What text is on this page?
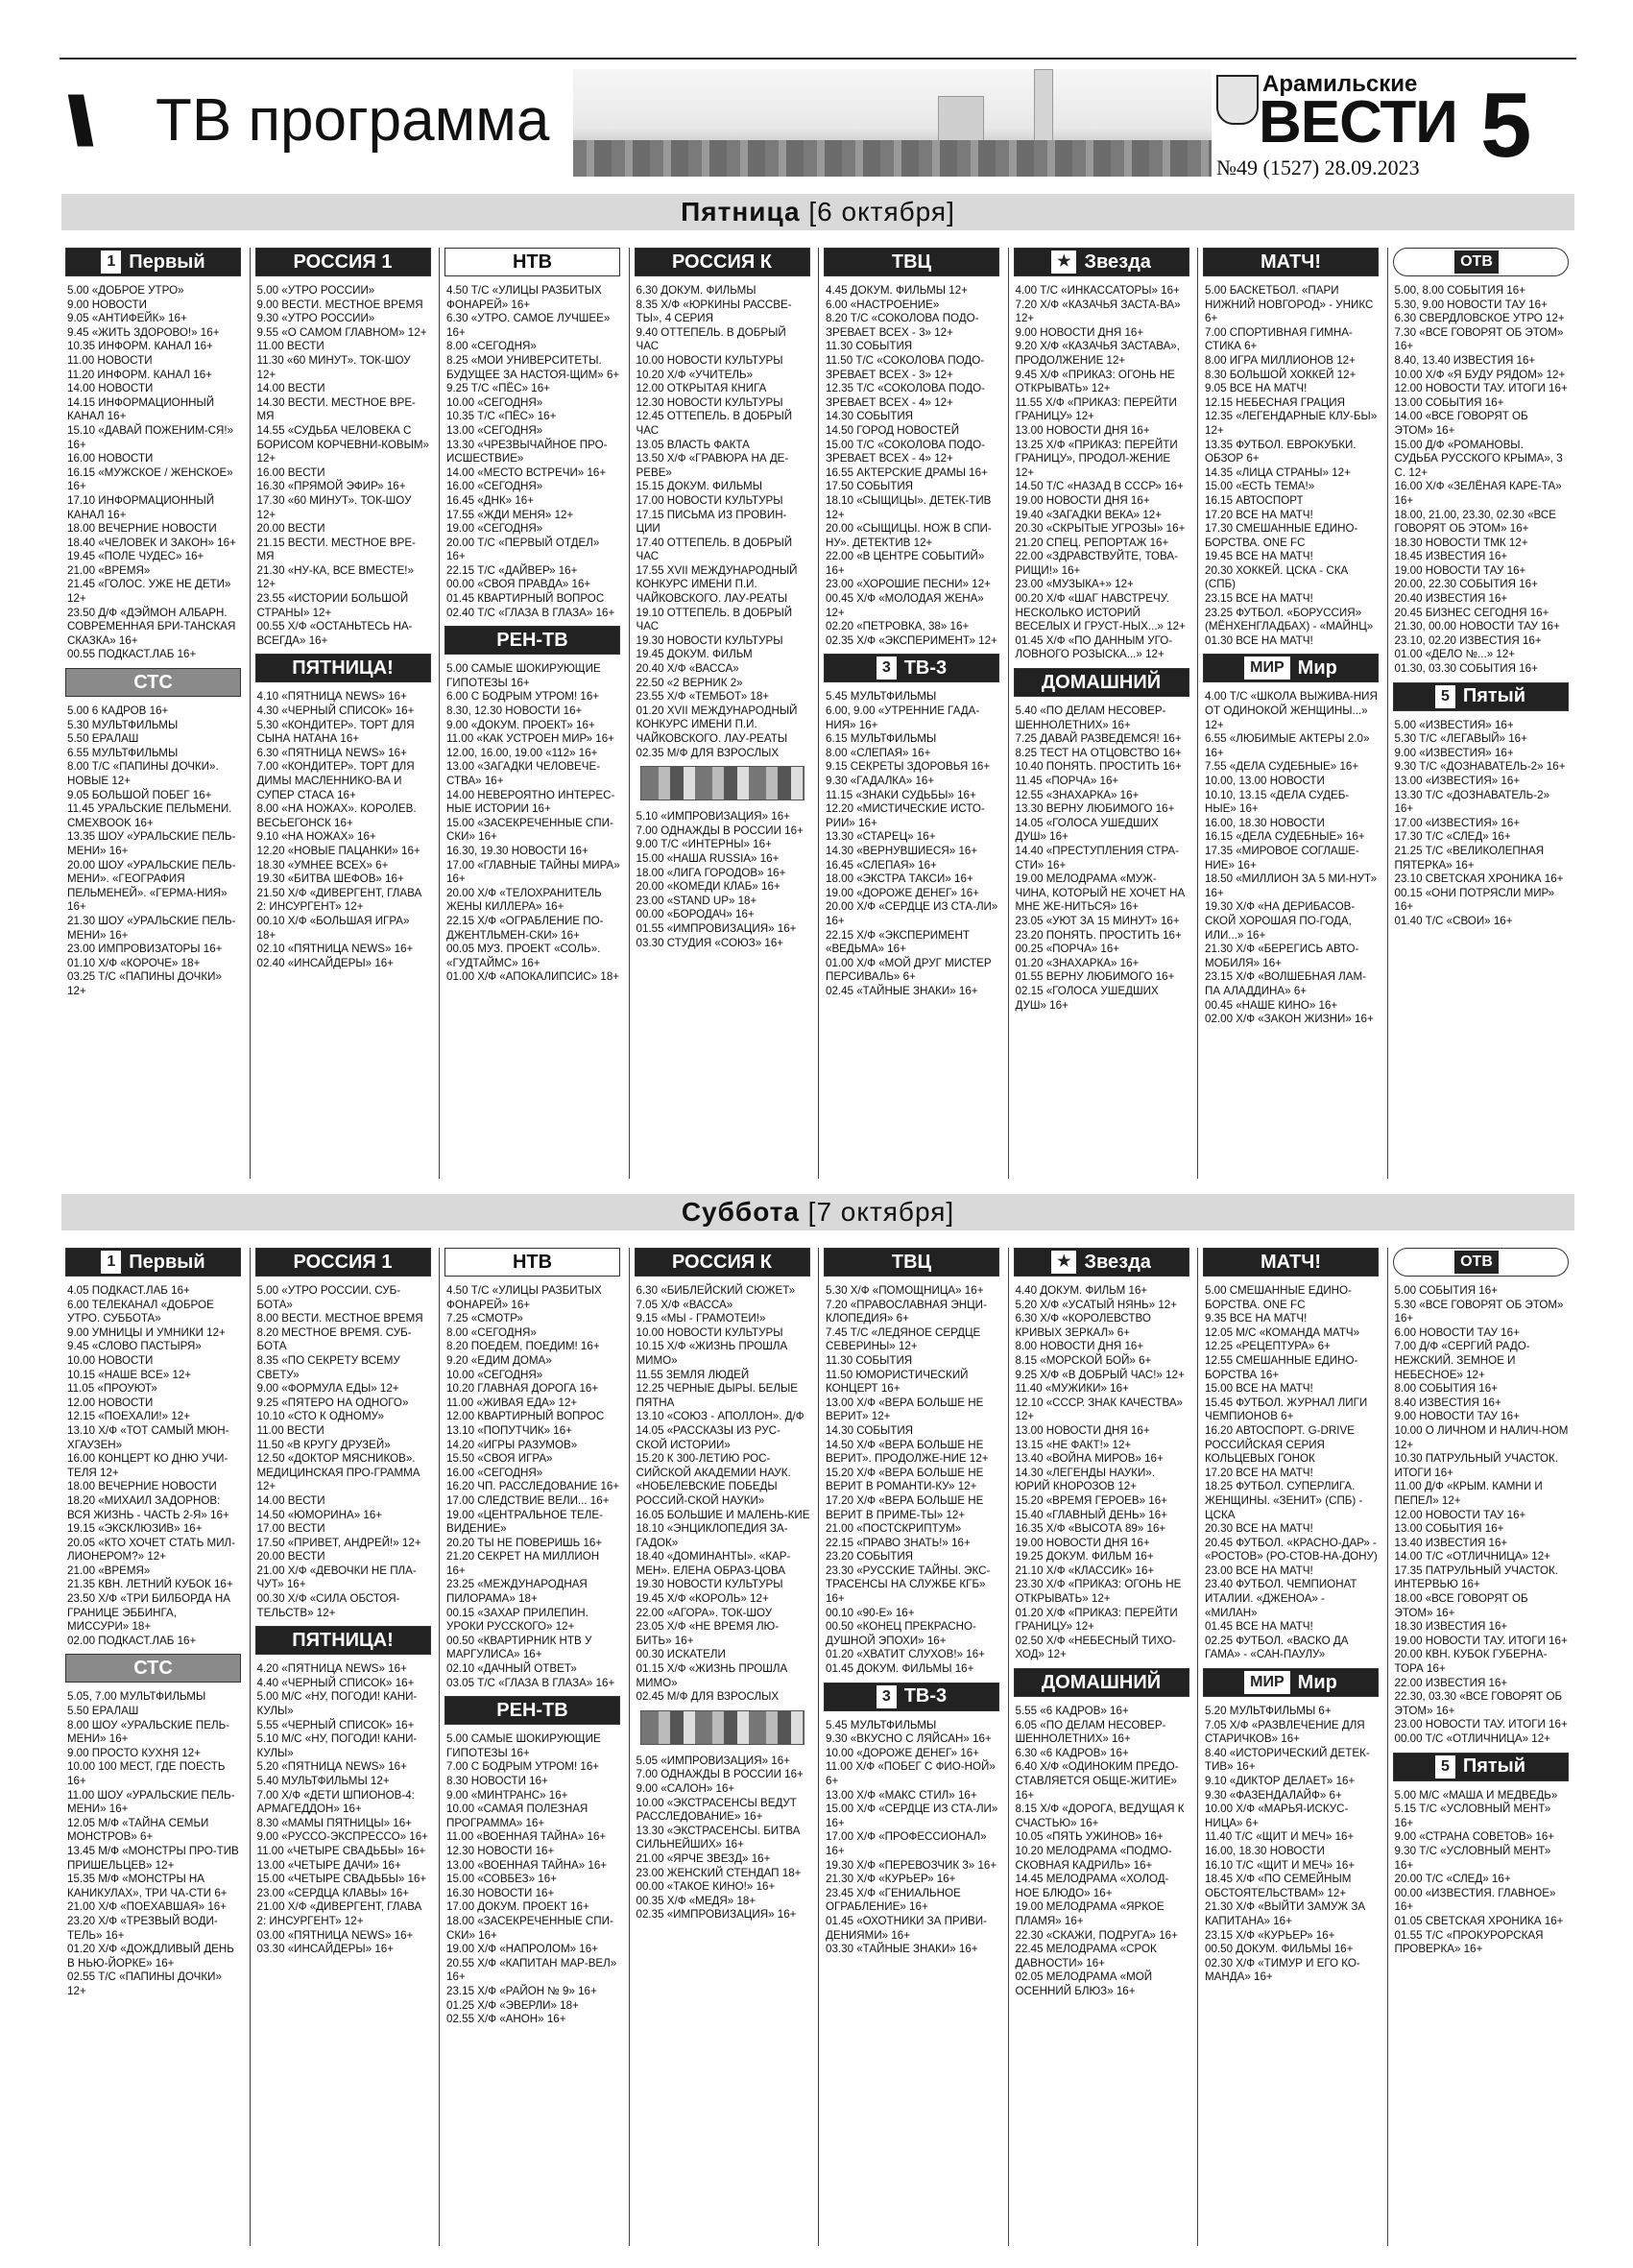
\\ ТВ программа
Арамильские
ВЕСТИ
№49 (1527) 28.09.2023 5
Пятница [6 октября]
1 Первый
5.00 «ДОБРОЕ УТРО»
9.00 НОВОСТИ
9.05 «АНТИФЕЙК» 16+
9.45 «ЖИТЬ ЗДОРОВО!» 16+
10.35 ИНФОРМ. КАНАЛ 16+
11.00 НОВОСТИ
11.20 ИНФОРМ. КАНАЛ 16+
14.00 НОВОСТИ
14.15 ИНФОРМАЦИОННЫЙ КАНАЛ 16+
15.10 «ДАВАЙ ПОЖЕНИМ-СЯ!» 16+
16.00 НОВОСТИ
16.15 «МУЖСКОЕ / ЖЕНСКОЕ» 16+
17.10 ИНФОРМАЦИОННЫЙ КАНАЛ 16+
18.00 ВЕЧЕРНИЕ НОВОСТИ
18.40 «ЧЕЛОВЕК И ЗАКОН» 16+
19.45 «ПОЛЕ ЧУДЕС» 16+
21.00 «ВРЕМЯ»
21.45 «ГОЛОС. УЖЕ НЕ ДЕТИ» 12+
23.50 Д/Ф «ДЭЙМОН АЛБАРН. СОВРЕМЕННАЯ БРИ-ТАНСКАЯ СКАЗКА» 16+
00.55 ПОДКАСТ.ЛАБ 16+
СТС
5.00 6 КАДРОВ 16+
5.30 МУЛЬТФИЛЬМЫ
5.50 ЕРАЛАШ
6.55 МУЛЬТФИЛЬМЫ
8.00 Т/С «ПАПИНЫ ДОЧКИ». НОВЫЕ 12+
9.05 БОЛЬШОЙ ПОБЕГ 16+
11.45 УРАЛЬСКИЕ ПЕЛЬМЕНИ. СМЕХBOOK 16+
13.35 ШОУ «УРАЛЬСКИЕ ПЕЛЬ-МЕНИ» 16+
20.00 ШОУ «УРАЛЬСКИЕ ПЕЛЬ-МЕНИ». «ГЕОГРАФИЯ ПЕЛЬМЕНЕЙ». «ГЕРМА-НИЯ» 16+
21.30 ШОУ «УРАЛЬСКИЕ ПЕЛЬ-МЕНИ» 16+
23.00 ИМПРОВИЗАТОРЫ 16+
01.10 Х/Ф «КОРОЧЕ» 18+
03.25 Т/С «ПАПИНЫ ДОЧКИ» 12+
РОССИЯ 1
5.00 «УТРО РОССИИ»
9.00 ВЕСТИ. МЕСТНОЕ ВРЕМЯ
9.30 «УТРО РОССИИ»
9.55 «О САМОМ ГЛАВНОМ» 12+
11.00 ВЕСТИ
11.30 «60 МИНУТ». ТОК-ШОУ 12+
14.00 ВЕСТИ
14.30 ВЕСТИ. МЕСТНОЕ ВРЕ-МЯ
14.55 «СУДЬБА ЧЕЛОВЕКА С БОРИСОМ КОРЧЕВНИ-КОВЫМ» 12+
16.00 ВЕСТИ
16.30 «ПРЯМОЙ ЭФИР» 16+
17.30 «60 МИНУТ». ТОК-ШОУ 12+
20.00 ВЕСТИ
21.15 ВЕСТИ. МЕСТНОЕ ВРЕ-МЯ
21.30 «НУ-КА, ВСЕ ВМЕСТЕ!» 12+
23.55 «ИСТОРИИ БОЛЬШОЙ СТРАНЫ» 12+
00.55 Х/Ф «ОСТАНЬТЕСЬ НА-ВСЕГДА» 16+
ПЯТНИЦА!
4.10 «ПЯТНИЦА NEWS» 16+
4.30 «ЧЕРНЫЙ СПИСОК» 16+
5.30 «КОНДИТЕР». ТОРТ ДЛЯ СЫНА НАТАНА 16+
6.30 «ПЯТНИЦА NEWS» 16+
7.00 «КОНДИТЕР». ТОРТ ДЛЯ ДИМЫ МАСЛЕННИКО-ВА И СУПЕР СТАСА 16+
8.00 «НА НОЖАХ». КОРОЛЕВ. ВЕСЬЕГОНСК 16+
9.10 «НА НОЖАХ» 16+
12.20 «НОВЫЕ ПАЦАНКИ» 16+
18.30 «УМНЕЕ ВСЕХ» 6+
19.30 «БИТВА ШЕФОВ» 16+
21.50 Х/Ф «ДИВЕРГЕНТ, ГЛАВА 2: ИНСУРГЕНТ» 12+
00.10 Х/Ф «БОЛЬШАЯ ИГРА» 18+
02.10 «ПЯТНИЦА NEWS» 16+
02.40 «ИНСАЙДЕРЫ» 16+
НТВ
4.50 Т/С «УЛИЦЫ РАЗБИТЫХ ФОНАРЕЙ» 16+
6.30 «УТРО. САМОЕ ЛУЧШЕЕ» 16+
8.00 «СЕГОДНЯ»
8.25 «МОИ УНИВЕРСИТЕТЫ. БУДУЩЕЕ ЗА НАСТОЯ-ЩИМ» 6+
9.25 Т/С «ПЁС» 16+
10.00 «СЕГОДНЯ»
10.35 Т/С «ПЁС» 16+
13.00 «СЕГОДНЯ»
13.30 «ЧРЕЗВЫЧАЙНОЕ ПРО-ИСШЕСТВИЕ»
14.00 «МЕСТО ВСТРЕЧИ» 16+
16.00 «СЕГОДНЯ»
16.45 «ДНК» 16+
17.55 «ЖДИ МЕНЯ» 12+
19.00 «СЕГОДНЯ»
20.00 Т/С «ПЕРВЫЙ ОТДЕЛ» 16+
22.15 Т/С «ДАЙВЕР» 16+
00.00 «СВОЯ ПРАВДА» 16+
01.45 КВАРТИРНЫЙ ВОПРОС
02.40 Т/С «ГЛАЗА В ГЛАЗА» 16+
РЕН-ТВ
5.00 САМЫЕ ШОКИРУЮЩИЕ ГИПОТЕЗЫ 16+
6.00 С БОДРЫМ УТРОМ! 16+
8.30, 12.30 НОВОСТИ 16+
9.00 «ДОКУМ. ПРОЕКТ» 16+
11.00 «КАК УСТРОЕН МИР» 16+
12.00, 16.00, 19.00 «112» 16+
13.00 «ЗАГАДКИ ЧЕЛОВЕЧЕ-СТВА» 16+
14.00 НЕВЕРОЯТНО ИНТЕРЕС-НЫЕ ИСТОРИИ 16+
15.00 «ЗАСЕКРЕЧЕННЫЕ СПИ-СКИ» 16+
16.30, 19.30 НОВОСТИ 16+
17.00 «ГЛАВНЫЕ ТАЙНЫ МИРА» 16+
20.00 Х/Ф «ТЕЛОХРАНИТЕЛЬ ЖЕНЫ КИЛЛЕРА» 16+
22.15 Х/Ф «ОГРАБЛЕНИЕ ПО-ДЖЕНТЛЬМЕН-СКИ» 16+
00.05 МУЗ. ПРОЕКТ «СОЛЬ». «ГУДТАЙМС» 16+
01.00 Х/Ф «АПОКАЛИПСИС» 18+
РОССИЯ К
6.30 ДОКУМ. ФИЛЬМЫ
8.35 Х/Ф «ЮРКИНЫ РАССВЕ-ТЫ», 4 СЕРИЯ
9.40 ОТТЕПЕЛЬ. В ДОБРЫЙ ЧАС
10.00 НОВОСТИ КУЛЬТУРЫ
10.20 Х/Ф «УЧИТЕЛЬ»
12.00 ОТКРЫТАЯ КНИГА
12.30 НОВОСТИ КУЛЬТУРЫ
12.45 ОТТЕПЕЛЬ. В ДОБРЫЙ ЧАС
13.05 ВЛАСТЬ ФАКТА
13.50 Х/Ф «ГРАВЮРА НА ДЕ-РЕВЕ»
15.15 ДОКУМ. ФИЛЬМЫ
17.00 НОВОСТИ КУЛЬТУРЫ
17.15 ПИСЬМА ИЗ ПРОВИН-ЦИИ
17.40 ОТТЕПЕЛЬ. В ДОБРЫЙ ЧАС
17.55 XVII МЕЖДУНАРОДНЫЙ КОНКУРС ИМЕНИ П.И. ЧАЙКОВСКОГО. ЛАУ-РЕАТЫ
19.10 ОТТЕПЕЛЬ. В ДОБРЫЙ ЧАС
19.30 НОВОСТИ КУЛЬТУРЫ
19.45 ДОКУМ. ФИЛЬМ
20.40 Х/Ф «ВАССА»
22.50 «2 ВЕРНИК 2»
23.55 Х/Ф «ТЕМБОТ» 18+
01.20 XVII МЕЖДУНАРОДНЫЙ КОНКУРС ИМЕНИ П.И. ЧАЙКОВСКОГО. ЛАУ-РЕАТЫ
02.35 М/Ф ДЛЯ ВЗРОСЛЫХ
5.10 «ИМПРОВИЗАЦИЯ» 16+
7.00 ОДНАЖДЫ В РОССИИ 16+
9.00 Т/С «ИНТЕРНЫ» 16+
15.00 «НАША RUSSIA» 16+
18.00 «ЛИГА ГОРОДОВ» 16+
20.00 «КОМЕДИ КЛАБ» 16+
23.00 «STAND UP» 18+
00.00 «БОРОДАЧ» 16+
01.55 «ИМПРОВИЗАЦИЯ» 16+
03.30 СТУДИЯ «СОЮЗ» 16+
ТВЦ
4.45 ДОКУМ. ФИЛЬМЫ 12+
6.00 «НАСТРОЕНИЕ»
8.20 Т/С «СОКОЛОВА ПОДО-ЗРЕВАЕТ ВСЕХ - 3» 12+
11.30 СОБЫТИЯ
11.50 Т/С «СОКОЛОВА ПОДО-ЗРЕВАЕТ ВСЕХ - 3» 12+
12.35 Т/С «СОКОЛОВА ПОДО-ЗРЕВАЕТ ВСЕХ - 4» 12+
14.30 СОБЫТИЯ
14.50 ГОРОД НОВОСТЕЙ
15.00 Т/С «СОКОЛОВА ПОДО-ЗРЕВАЕТ ВСЕХ - 4» 12+
16.55 АКТЕРСКИЕ ДРАМЫ 16+
17.50 СОБЫТИЯ
18.10 «СЫЩИЦЫ». ДЕТЕК-ТИВ 12+
20.00 «СЫЩИЦЫ. НОЖ В СПИ-НУ». ДЕТЕКТИВ 12+
22.00 «В ЦЕНТРЕ СОБЫТИЙ» 16+
23.00 «ХОРОШИЕ ПЕСНИ» 12+
00.45 Х/Ф «МОЛОДАЯ ЖЕНА» 12+
02.20 «ПЕТРОВКА, 38» 16+
02.35 Х/Ф «ЭКСПЕРИМЕНТ» 12+
3 ТВ-3
5.45 МУЛЬТФИЛЬМЫ
6.00, 9.00 «УТРЕННИЕ ГАДА-НИЯ» 16+
6.15 МУЛЬТФИЛЬМЫ
8.00 «СЛЕПАЯ» 16+
9.15 СЕКРЕТЫ ЗДОРОВЬЯ 16+
9.30 «ГАДАЛКА» 16+
11.15 «ЗНАКИ СУДЬБЫ» 16+
12.20 «МИСТИЧЕСКИЕ ИСТО-РИИ» 16+
13.30 «СТАРЕЦ» 16+
14.30 «ВЕРНУВШИЕСЯ» 16+
16.45 «СЛЕПАЯ» 16+
18.00 «ЭКСТРА ТАКСИ» 16+
19.00 «ДОРОЖЕ ДЕНЕГ» 16+
20.00 Х/Ф «СЕРДЦЕ ИЗ СТА-ЛИ» 16+
22.15 Х/Ф «ЭКСПЕРИМЕНТ «ВЕДЬМА» 16+
01.00 Х/Ф «МОЙ ДРУГ МИСТЕР ПЕРСИВАЛЬ» 6+
02.45 «ТАЙНЫЕ ЗНАКИ» 16+
★ Звезда
4.00 Т/С «ИНКАССАТОРЫ» 16+
7.20 Х/Ф «КАЗАЧЬЯ ЗАСТА-ВА» 12+
9.00 НОВОСТИ ДНЯ 16+
9.20 Х/Ф «КАЗАЧЬЯ ЗАСТАВА», ПРОДОЛЖЕНИЕ 12+
9.45 Х/Ф «ПРИКАЗ: ОГОНЬ НЕ ОТКРЫВАТЬ» 12+
11.55 Х/Ф «ПРИКАЗ: ПЕРЕЙТИ ГРАНИЦУ» 12+
13.00 НОВОСТИ ДНЯ 16+
13.25 Х/Ф «ПРИКАЗ: ПЕРЕЙТИ ГРАНИЦУ», ПРОДОЛ-ЖЕНИЕ 12+
14.50 Т/С «НАЗАД В СССР» 16+
19.00 НОВОСТИ ДНЯ 16+
19.40 «ЗАГАДКИ ВЕКА» 12+
20.30 «СКРЫТЫЕ УГРОЗЫ» 16+
21.20 СПЕЦ. РЕПОРТАЖ 16+
22.00 «ЗДРАВСТВУЙТЕ, ТОВА-РИЩИ!» 16+
23.00 «МУЗЫКА+» 12+
00.20 Х/Ф «ШАГ НАВСТРЕЧУ. НЕСКОЛЬКО ИСТОРИЙ ВЕСЕЛЫХ И ГРУСТ-НЫХ...» 12+
01.45 Х/Ф «ПО ДАННЫМ УГО-ЛОВНОГО РОЗЫСКА...» 12+
ДОМАШНИЙ
5.40 «ПО ДЕЛАМ НЕСОВЕР-ШЕННОЛЕТНИХ» 16+
7.25 ДАВАЙ РАЗВЕДЕМСЯ! 16+
8.25 ТЕСТ НА ОТЦОВСТВО 16+
10.40 ПОНЯТЬ. ПРОСТИТЬ 16+
11.45 «ПОРЧА» 16+
12.55 «ЗНАХАРКА» 16+
13.30 ВЕРНУ ЛЮБИМОГО 16+
14.05 «ГОЛОСА УШЕДШИХ ДУШ» 16+
14.40 «ПРЕСТУПЛЕНИЯ СТРА-СТИ» 16+
19.00 МЕЛОДРАМА «МУЖ-ЧИНА, КОТОРЫЙ НЕ ХОЧЕТ НА МНЕ ЖЕ-НИТЬСЯ» 16+
23.05 «УЮТ ЗА 15 МИНУТ» 16+
23.20 ПОНЯТЬ. ПРОСТИТЬ 16+
00.25 «ПОРЧА» 16+
01.20 «ЗНАХАРКА» 16+
01.55 ВЕРНУ ЛЮБИМОГО 16+
02.15 «ГОЛОСА УШЕДШИХ ДУШ» 16+
МАТЧ!
5.00 БАСКЕТБОЛ. «ПАРИ НИЖНИЙ НОВГОРОД» - УНИКС 6+
7.00 СПОРТИВНАЯ ГИМНА-СТИКА 6+
8.00 ИГРА МИЛЛИОНОВ 12+
8.30 БОЛЬШОЙ ХОККЕЙ 12+
9.05 ВСЕ НА МАТЧ!
12.15 НЕБЕСНАЯ ГРАЦИЯ
12.35 «ЛЕГЕНДАРНЫЕ КЛУ-БЫ» 12+
13.35 ФУТБОЛ. ЕВРОКУБКИ. ОБЗОР 6+
14.35 «ЛИЦА СТРАНЫ» 12+
15.00 «ЕСТЬ ТЕМА!»
16.15 АВТОСПОРТ
17.20 ВСЕ НА МАТЧ!
17.30 СМЕШАННЫЕ ЕДИНО-БОРСТВА. ONE FC
19.45 ВСЕ НА МАТЧ!
20.30 ХОККЕЙ. ЦСКА - СКА (СПБ)
23.15 ВСЕ НА МАТЧ!
23.25 ФУТБОЛ. «БОРУССИЯ» (МЁНХЕНГЛАДБАХ) - «МАЙНЦ»
01.30 ВСЕ НА МАТЧ!
МИР Мир
4.00 Т/С «ШКОЛА ВЫЖИВА-НИЯ ОТ ОДИНОКОЙ ЖЕНЩИНЫ...» 12+
6.55 «ЛЮБИМЫЕ АКТЕРЫ 2.0» 16+
7.55 «ДЕЛА СУДЕБНЫЕ» 16+
10.00, 13.00 НОВОСТИ
10.10, 13.15 «ДЕЛА СУДЕБ-НЫЕ» 16+
16.00, 18.30 НОВОСТИ
16.15 «ДЕЛА СУДЕБНЫЕ» 16+
17.35 «МИРОВОЕ СОГЛАШЕ-НИЕ» 16+
18.50 «МИЛЛИОН ЗА 5 МИ-НУТ» 16+
19.30 Х/Ф «НА ДЕРИБАСОВ-СКОЙ ХОРОШАЯ ПО-ГОДА, ИЛИ...» 16+
21.30 Х/Ф «БЕРЕГИСЬ АВТО-МОБИЛЯ» 16+
23.15 Х/Ф «ВОЛШЕБНАЯ ЛАМ-ПА АЛАДДИНА» 6+
00.45 «НАШЕ КИНО» 16+
02.00 Х/Ф «ЗАКОН ЖИЗНИ» 16+
ОТВ
5.00, 8.00 СОБЫТИЯ 16+
5.30, 9.00 НОВОСТИ ТАУ 16+
6.30 СВЕРДЛОВСКОЕ УТРО 12+
7.30 «ВСЕ ГОВОРЯТ ОБ ЭТОМ» 16+
8.40, 13.40 ИЗВЕСТИЯ 16+
10.00 Х/Ф «Я БУДУ РЯДОМ» 12+
12.00 НОВОСТИ ТАУ. ИТОГИ 16+
13.00 СОБЫТИЯ 16+
14.00 «ВСЕ ГОВОРЯТ ОБ ЭТОМ» 16+
15.00 Д/Ф «РОМАНОВЫ. СУДЬБА РУССКОГО КРЫМА», 3 С. 12+
16.00 Х/Ф «ЗЕЛЁНАЯ КАРЕ-ТА» 16+
18.00, 21.00, 23.30, 02.30 «ВСЕ ГОВОРЯТ ОБ ЭТОМ» 16+
18.30 НОВОСТИ ТМК 12+
18.45 ИЗВЕСТИЯ 16+
19.00 НОВОСТИ ТАУ 16+
20.00, 22.30 СОБЫТИЯ 16+
20.40 ИЗВЕСТИЯ 16+
20.45 БИЗНЕС СЕГОДНЯ 16+
21.30, 00.00 НОВОСТИ ТАУ 16+
23.10, 02.20 ИЗВЕСТИЯ 16+
01.00 «ДЕЛО №...» 12+
01.30, 03.30 СОБЫТИЯ 16+
5 Пятый
5.00 «ИЗВЕСТИЯ» 16+
5.30 Т/С «ЛЕГАВЫЙ» 16+
9.00 «ИЗВЕСТИЯ» 16+
9.30 Т/С «ДОЗНАВАТЕЛЬ-2» 16+
13.00 «ИЗВЕСТИЯ» 16+
13.30 Т/С «ДОЗНАВАТЕЛЬ-2» 16+
17.00 «ИЗВЕСТИЯ» 16+
17.30 Т/С «СЛЕД» 16+
21.25 Т/С «ВЕЛИКОЛЕПНАЯ ПЯТЕРКА» 16+
23.10 СВЕТСКАЯ ХРОНИКА 16+
00.15 «ОНИ ПОТРЯСЛИ МИР» 16+
01.40 Т/С «СВОИ» 16+
Суббота [7 октября]
1 Первый
4.05 ПОДКАСТ.ЛАБ 16+
6.00 ТЕЛЕКАНАЛ «ДОБРОЕ УТРО. СУББОТА»
9.00 УМНИЦЫ И УМНИКИ 12+
9.45 «СЛОВО ПАСТЫРЯ»
10.00 НОВОСТИ
10.15 «НАШЕ ВСЕ» 12+
11.05 «ПРОУЮТ»
12.00 НОВОСТИ
12.15 «ПОЕХАЛИ!» 12+
13.10 Х/Ф «ТОТ САМЫЙ МЮН-ХГАУЗЕН»
16.00 КОНЦЕРТ КО ДНЮ УЧИ-ТЕЛЯ 12+
18.00 ВЕЧЕРНИЕ НОВОСТИ
18.20 «МИХАИЛ ЗАДОРНОВ: ВСЯ ЖИЗНЬ - ЧАСТЬ 2-Я» 16+
19.15 «ЭКСКЛЮЗИВ» 16+
20.05 «КТО ХОЧЕТ СТАТЬ МИЛ-ЛИОНЕРОМ?» 12+
21.00 «ВРЕМЯ»
21.35 КВН. ЛЕТНИЙ КУБОК 16+
23.50 Х/Ф «ТРИ БИЛБОРДА НА ГРАНИЦЕ ЭББИНГА, МИССУРИ» 18+
02.00 ПОДКАСТ.ЛАБ 16+
СТС
5.05, 7.00 МУЛЬТФИЛЬМЫ
5.50 ЕРАЛАШ
8.00 ШОУ «УРАЛЬСКИЕ ПЕЛЬ-МЕНИ» 16+
9.00 ПРОСТО КУХНЯ 12+
10.00 100 МЕСТ, ГДЕ ПОЕСТЬ 16+
11.00 ШОУ «УРАЛЬСКИЕ ПЕЛЬ-МЕНИ» 16+
12.05 М/Ф «ТАЙНА СЕМЬИ МОНСТРОВ» 6+
13.45 М/Ф «МОНСТРЫ ПРО-ТИВ ПРИШЕЛЬЦЕВ» 12+
15.35 М/Ф «МОНСТРЫ НА КАНИКУЛАХ», ТРИ ЧА-СТИ 6+
21.00 Х/Ф «ПОЕХАВШАЯ» 16+
23.20 Х/Ф «ТРЕЗВЫЙ ВОДИ-ТЕЛЬ» 16+
01.20 Х/Ф «ДОЖДЛИВЫЙ ДЕНЬ В НЬЮ-ЙОРКЕ» 16+
02.55 Т/С «ПАПИНЫ ДОЧКИ» 12+
РОССИЯ 1
5.00 «УТРО РОССИИ. СУБ-БОТА»
8.00 ВЕСТИ. МЕСТНОЕ ВРЕМЯ
8.20 МЕСТНОЕ ВРЕМЯ. СУБ-БОТА
8.35 «ПО СЕКРЕТУ ВСЕМУ СВЕТУ»
9.00 «ФОРМУЛА ЕДЫ» 12+
9.25 «ПЯТЕРО НА ОДНОГО»
10.10 «СТО К ОДНОМУ»
11.00 ВЕСТИ
11.50 «В КРУГУ ДРУЗЕЙ»
12.50 «ДОКТОР МЯСНИКОВ». МЕДИЦИНСКАЯ ПРО-ГРАММА 12+
14.00 ВЕСТИ
14.50 «ЮМОРИНА» 16+
17.00 ВЕСТИ
17.50 «ПРИВЕТ, АНДРЕЙ!» 12+
20.00 ВЕСТИ
21.00 Х/Ф «ДЕВОЧКИ НЕ ПЛА-ЧУТ» 16+
00.30 Х/Ф «СИЛА ОБСТОЯ-ТЕЛЬСТВ» 12+
ПЯТНИЦА!
4.20 «ПЯТНИЦА NEWS» 16+
4.40 «ЧЕРНЫЙ СПИСОК» 16+
5.00 М/С «НУ, ПОГОДИ! КАНИ-КУЛЫ»
5.55 «ЧЕРНЫЙ СПИСОК» 16+
5.10 М/С «НУ, ПОГОДИ! КАНИ-КУЛЫ»
5.20 «ПЯТНИЦА NEWS» 16+
5.40 МУЛЬТФИЛЬМЫ 12+
7.00 Х/Ф «ДЕТИ ШПИОНОВ-4: АРМАГЕДДОН» 16+
8.30 «МАМЫ ПЯТНИЦЫ» 16+
9.00 «РУССО-ЭКСПРЕССО» 16+
11.00 «ЧЕТЫРЕ СВАДЬБЫ» 16+
13.00 «ЧЕТЫРЕ ДАЧИ» 16+
15.00 «ЧЕТЫРЕ СВАДЬБЫ» 16+
23.00 «СЕРДЦА КЛАВЫ» 16+
21.00 Х/Ф «ДИВЕРГЕНТ, ГЛАВА 2: ИНСУРГЕНТ» 12+
03.00 «ПЯТНИЦА NEWS» 16+
03.30 «ИНСАЙДЕРЫ» 16+
НТВ
4.50 Т/С «УЛИЦЫ РАЗБИТЫХ ФОНАРЕЙ» 16+
7.25 «СМОТР»
8.00 «СЕГОДНЯ»
8.20 ПОЕДЕМ, ПОЕДИМ! 16+
9.20 «ЕДИМ ДОМА»
10.00 «СЕГОДНЯ»
10.20 ГЛАВНАЯ ДОРОГА 16+
11.00 «ЖИВАЯ ЕДА» 12+
12.00 КВАРТИРНЫЙ ВОПРОС
13.10 «ПОПУТЧИК» 16+
14.20 «ИГРЫ РАЗУМОВ»
15.50 «СВОЯ ИГРА»
16.00 «СЕГОДНЯ»
16.20 ЧП. РАССЛЕДОВАНИЕ 16+
17.00 СЛЕДСТВИЕ ВЕЛИ... 16+
19.00 «ЦЕНТРАЛЬНОЕ ТЕЛЕ-ВИДЕНИЕ»
20.20 ТЫ НЕ ПОВЕРИШЬ 16+
21.20 СЕКРЕТ НА МИЛЛИОН 16+
23.25 «МЕЖДУНАРОДНАЯ ПИЛОРАМА» 18+
00.15 «ЗАХАР ПРИЛЕПИН. УРОКИ РУССКОГО» 12+
00.50 «КВАРТИРНИК НТВ У МАРГУЛИСА» 16+
02.10 «ДАЧНЫЙ ОТВЕТ»
03.05 Т/С «ГЛАЗА В ГЛАЗА» 16+
РЕН-ТВ
5.00 САМЫЕ ШОКИРУЮЩИЕ ГИПОТЕЗЫ 16+
7.00 С БОДРЫМ УТРОМ! 16+
8.30 НОВОСТИ 16+
9.00 «МИНТРАНС» 16+
10.00 «САМАЯ ПОЛЕЗНАЯ ПРОГРАММА» 16+
11.00 «ВОЕННАЯ ТАЙНА» 16+
12.30 НОВОСТИ 16+
13.00 «ВОЕННАЯ ТАЙНА» 16+
15.00 «СОВБЕЗ» 16+
16.30 НОВОСТИ 16+
17.00 ДОКУМ. ПРОЕКТ 16+
18.00 «ЗАСЕКРЕЧЕННЫЕ СПИ-СКИ» 16+
19.00 Х/Ф «НАПРОЛОМ» 16+
20.55 Х/Ф «КАПИТАН МАР-ВЕЛ» 16+
23.15 Х/Ф «РАЙОН № 9» 16+
01.25 Х/Ф «ЭВЕРЛИ» 18+
02.55 Х/Ф «АНОН» 16+
РОССИЯ К
6.30 «БИБЛЕЙСКИЙ СЮЖЕТ»
7.05 Х/Ф «ВАССА»
9.15 «МЫ - ГРАМОТЕИ!»
10.00 НОВОСТИ КУЛЬТУРЫ
10.15 Х/Ф «ЖИЗНЬ ПРОШЛА МИМО»
11.55 ЗЕМЛЯ ЛЮДЕЙ
12.25 ЧЕРНЫЕ ДЫРЫ. БЕЛЫЕ ПЯТНА
13.10 «СОЮЗ - АПОЛЛОН». Д/Ф
14.05 «РАССКАЗЫ ИЗ РУС-СКОЙ ИСТОРИИ»
15.20 К 300-ЛЕТИЮ РОС-СИЙСКОЙ АКАДЕМИИ НАУК. «НОБЕЛЕВСКИЕ ПОБЕДЫ РОССИЙ-СКОЙ НАУКИ»
16.05 БОЛЬШИЕ И МАЛЕНЬ-КИЕ
18.10 «ЭНЦИКЛОПЕДИЯ ЗА-ГАДОК»
18.40 «ДОМИНАНТЫ». «КАР-МЕН». ЕЛЕНА ОБРАЗ-ЦОВА
19.30 НОВОСТИ КУЛЬТУРЫ
19.45 Х/Ф «КОРОЛЬ» 12+
22.00 «АГОРА». ТОК-ШОУ
23.05 Х/Ф «НЕ ВРЕМЯ ЛЮ-БИТЬ» 16+
00.30 ИСКАТЕЛИ
01.15 Х/Ф «ЖИЗНЬ ПРОШЛА МИМО»
02.45 М/Ф ДЛЯ ВЗРОСЛЫХ
5.05 «ИМПРОВИЗАЦИЯ» 16+
7.00 ОДНАЖДЫ В РОССИИ 16+
9.00 «САЛОН» 16+
10.00 «ЭКСТРАСЕНСЫ ВЕДУТ РАССЛЕДОВАНИЕ» 16+
13.30 «ЭКСТРАСЕНСЫ. БИТВА СИЛЬНЕЙШИХ» 16+
21.00 «ЯРЧЕ ЗВЕЗД» 16+
23.00 ЖЕНСКИЙ СТЕНДАП 18+
00.00 «ТАКОЕ КИНО!» 16+
00.35 Х/Ф «МЕДЯ» 18+
02.35 «ИМПРОВИЗАЦИЯ» 16+
ТВЦ
5.30 Х/Ф «ПОМОЩНИЦА» 16+
7.20 «ПРАВОСЛАВНАЯ ЭНЦИ-КЛОПЕДИЯ» 6+
7.45 Т/С «ЛЕДЯНОЕ СЕРДЦЕ СЕВЕРИНЫ» 12+
11.30 СОБЫТИЯ
11.50 ЮМОРИСТИЧЕСКИЙ КОНЦЕРТ 16+
13.00 Х/Ф «ВЕРА БОЛЬШЕ НЕ ВЕРИТ» 12+
14.30 СОБЫТИЯ
14.50 Х/Ф «ВЕРА БОЛЬШЕ НЕ ВЕРИТ». ПРОДОЛЖЕ-НИЕ 12+
15.20 Х/Ф «ВЕРА БОЛЬШЕ НЕ ВЕРИТ В РОМАНТИ-КУ» 12+
17.20 Х/Ф «ВЕРА БОЛЬШЕ НЕ ВЕРИТ В ПРИМЕ-ТЫ» 12+
21.00 «ПОСТСКРИПТУМ»
22.15 «ПРАВО ЗНАТЬ!» 16+
23.20 СОБЫТИЯ
23.30 «РУССКИЕ ТАЙНЫ. ЭКС-ТРАСЕНСЫ НА СЛУЖБЕ КГБ» 16+
00.10 «90-Е» 16+
00.50 «КОНЕЦ ПРЕКРАСНО-ДУШНОЙ ЭПОХИ» 16+
01.20 «ХВАТИТ СЛУХОВ!» 16+
01.45 ДОКУМ. ФИЛЬМЫ 16+
3 ТВ-3
5.45 МУЛЬТФИЛЬМЫ
9.30 «ВКУСНО С ЛЯЙСАН» 16+
10.00 «ДОРОЖЕ ДЕНЕГ» 16+
11.00 Х/Ф «ПОБЕГ С ФИО-НОЙ» 6+
13.00 Х/Ф «МАКС СТИЛ» 16+
15.00 Х/Ф «СЕРДЦЕ ИЗ СТА-ЛИ» 16+
17.00 Х/Ф «ПРОФЕССИОНАЛ» 16+
19.30 Х/Ф «ПЕРЕВОЗЧИК 3» 16+
21.30 Х/Ф «КУРЬЕР» 16+
23.45 Х/Ф «ГЕНИАЛЬНОЕ ОГРАБЛЕНИЕ» 16+
01.45 «ОХОТНИКИ ЗА ПРИВИ-ДЕНИЯМИ» 16+
03.30 «ТАЙНЫЕ ЗНАКИ» 16+
★ Звезда
4.40 ДОКУМ. ФИЛЬМ 16+
5.20 Х/Ф «УСАТЫЙ НЯНЬ» 12+
6.30 Х/Ф «КОРОЛЕВСТВО КРИВЫХ ЗЕРКАЛ» 6+
8.00 НОВОСТИ ДНЯ 16+
8.15 «МОРСКОЙ БОЙ» 6+
9.25 Х/Ф «В ДОБРЫЙ ЧАС!» 12+
11.40 «МУЖИКИ» 16+
12.10 «СССР. ЗНАК КАЧЕСТВА» 12+
13.00 НОВОСТИ ДНЯ 16+
13.15 «НЕ ФАКТ!» 12+
13.40 «ВОЙНА МИРОВ» 16+
14.30 «ЛЕГЕНДЫ НАУКИ». ЮРИЙ КНОРОЗОВ 12+
15.20 «ВРЕМЯ ГЕРОЕВ» 16+
15.40 «ГЛАВНЫЙ ДЕНЬ» 16+
16.35 Х/Ф «ВЫСОТА 89» 16+
19.00 НОВОСТИ ДНЯ 16+
19.25 ДОКУМ. ФИЛЬМ 16+
21.10 Х/Ф «КЛАССИК» 16+
23.30 Х/Ф «ПРИКАЗ: ОГОНЬ НЕ ОТКРЫВАТЬ» 12+
01.20 Х/Ф «ПРИКАЗ: ПЕРЕЙТИ ГРАНИЦУ» 12+
02.50 Х/Ф «НЕБЕСНЫЙ ТИХО-ХОД» 12+
ДОМАШНИЙ
5.55 «6 КАДРОВ» 16+
6.05 «ПО ДЕЛАМ НЕСОВЕР-ШЕННОЛЕТНИХ» 16+
6.30 «6 КАДРОВ» 16+
6.40 Х/Ф «ОДИНОКИМ ПРЕДО-СТАВЛЯЕТСЯ ОБЩЕ-ЖИТИЕ» 16+
8.15 Х/Ф «ДОРОГА, ВЕДУЩАЯ К СЧАСТЬЮ» 16+
10.05 «ПЯТЬ УЖИНОВ» 16+
10.20 МЕЛОДРАМА «ПОДМО-СКОВНАЯ КАДРИЛЬ» 16+
14.45 МЕЛОДРАМА «ХОЛОД-НОЕ БЛЮДО» 16+
19.00 МЕЛОДРАМА «ЯРКОЕ ПЛАМЯ» 16+
22.30 «СКАЖИ, ПОДРУГА» 16+
22.45 МЕЛОДРАМА «СРОК ДАВНОСТИ» 16+
02.05 МЕЛОДРАМА «МОЙ ОСЕННИЙ БЛЮЗ» 16+
МАТЧ!
5.00 СМЕШАННЫЕ ЕДИНО-БОРСТВА. ONE FC
9.35 ВСЕ НА МАТЧ!
12.05 М/С «КОМАНДА МАТЧ»
12.25 «РЕЦЕПТУРА» 6+
12.55 СМЕШАННЫЕ ЕДИНО-БОРСТВА 16+
15.00 ВСЕ НА МАТЧ!
15.45 ФУТБОЛ. ЖУРНАЛ ЛИГИ ЧЕМПИОНОВ 6+
16.20 АВТОСПОРТ. G-DRIVE РОССИЙСКАЯ СЕРИЯ КОЛЬЦЕВЫХ ГОНОК
17.20 ВСЕ НА МАТЧ!
18.25 ФУТБОЛ. СУПЕРЛИГА. ЖЕНЩИНЫ. «ЗЕНИТ» (СПБ) - ЦСКА
20.30 ВСЕ НА МАТЧ!
20.45 ФУТБОЛ. «КРАСНО-ДАР» - «РОСТОВ» (РО-СТОВ-НА-ДОНУ)
23.00 ВСЕ НА МАТЧ!
23.40 ФУТБОЛ. ЧЕМПИОНАТ ИТАЛИИ. «ДЖЕНОА» - «МИЛАН»
01.45 ВСЕ НА МАТЧ!
02.25 ФУТБОЛ. «ВАСКО ДА ГАМА» - «САН-ПАУЛУ»
МИР Мир
5.20 МУЛЬТФИЛЬМЫ 6+
7.05 Х/Ф «РАЗВЛЕЧЕНИЕ ДЛЯ СТАРИЧКОВ» 16+
8.40 «ИСТОРИЧЕСКИЙ ДЕТЕК-ТИВ» 16+
9.10 «ДИКТОР ДЕЛАЕТ» 16+
9.30 «ФАЗЕНДАЛАЙФ» 6+
10.00 Х/Ф «МАРЬЯ-ИСКУС-НИЦА» 6+
11.40 Т/С «ЩИТ И МЕЧ» 16+
16.00, 18.30 НОВОСТИ
16.10 Т/С «ЩИТ И МЕЧ» 16+
18.45 Х/Ф «ПО СЕМЕЙНЫМ ОБСТОЯТЕЛЬСТВАМ» 12+
21.30 Х/Ф «ВЫЙТИ ЗАМУЖ ЗА КАПИТАНА» 16+
23.15 Х/Ф «КУРЬЕР» 16+
00.50 ДОКУМ. ФИЛЬМЫ 16+
02.30 Х/Ф «ТИМУР И ЕГО КО-МАНДА» 16+
ОТВ
5.00 СОБЫТИЯ 16+
5.30 «ВСЕ ГОВОРЯТ ОБ ЭТОМ» 16+
6.00 НОВОСТИ ТАУ 16+
7.00 Д/Ф «СЕРГИЙ РАДО-НЕЖСКИЙ. ЗЕМНОЕ И НЕБЕСНОЕ» 12+
8.00 СОБЫТИЯ 16+
8.40 ИЗВЕСТИЯ 16+
9.00 НОВОСТИ ТАУ 16+
10.00 О ЛИЧНОМ И НАЛИЧ-НОМ 12+
10.30 ПАТРУЛЬНЫЙ УЧАСТОК. ИТОГИ 16+
11.00 Д/Ф «КРЫМ. КАМНИ И ПЕПЕЛ» 12+
12.00 НОВОСТИ ТАУ 16+
13.00 СОБЫТИЯ 16+
13.40 ИЗВЕСТИЯ 16+
14.00 Т/С «ОТЛИЧНИЦА» 12+
17.35 ПАТРУЛЬНЫЙ УЧАСТОК. ИНТЕРВЬЮ 16+
18.00 «ВСЕ ГОВОРЯТ ОБ ЭТОМ» 16+
18.30 ИЗВЕСТИЯ 16+
19.00 НОВОСТИ ТАУ. ИТОГИ 16+
20.00 КВН. КУБОК ГУБЕРНА-ТОРА 16+
22.00 ИЗВЕСТИЯ 16+
22.30, 03.30 «ВСЕ ГОВОРЯТ ОБ ЭТОМ» 16+
23.00 НОВОСТИ ТАУ. ИТОГИ 16+
00.00 Т/С «ОТЛИЧНИЦА» 12+
5 Пятый
5.00 М/С «МАША И МЕДВЕДЬ»
5.15 Т/С «УСЛОВНЫЙ МЕНТ» 16+
9.00 «СТРАНА СОВЕТОВ» 16+
9.30 Т/С «УСЛОВНЫЙ МЕНТ» 16+
20.00 Т/С «СЛЕД» 16+
00.00 «ИЗВЕСТИЯ. ГЛАВНОЕ» 16+
01.05 СВЕТСКАЯ ХРОНИКА 16+
01.55 Т/С «ПРОКУРОРСКАЯ ПРОВЕРКА» 16+
